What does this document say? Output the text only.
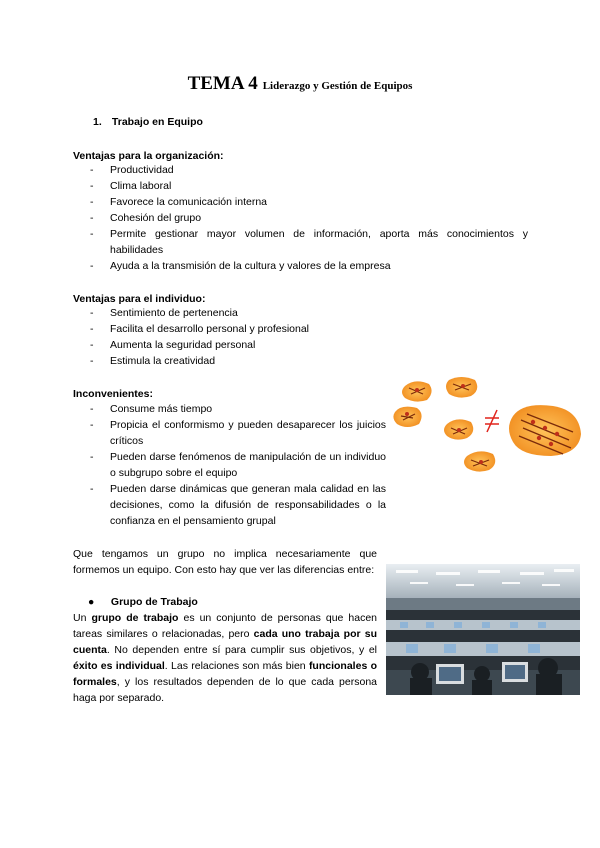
TEMA 4 Liderazgo y Gestión de Equipos
1. Trabajo en Equipo
Ventajas para la organización:
- Productividad
- Clima laboral
- Favorece la comunicación interna
- Cohesión del grupo
- Permite gestionar mayor volumen de información, aporta más conocimientos y habilidades
- Ayuda a la transmisión de la cultura y valores de la empresa
Ventajas para el individuo:
- Sentimiento de pertenencia
- Facilita el desarrollo personal y profesional
- Aumenta la seguridad personal
- Estimula la creatividad
Inconvenientes:
- Consume más tiempo
- Propicia el conformismo y pueden desaparecer los juicios críticos
- Pueden darse fenómenos de manipulación de un individuo o subgrupo sobre el equipo
- Pueden darse dinámicas que generan mala calidad en las decisiones, como la difusión de responsabilidades o la confianza en el pensamiento grupal
Que tengamos un grupo no implica necesariamente que formemos un equipo. Con esto hay que ver las diferencias entre:
● Grupo de Trabajo
Un grupo de trabajo es un conjunto de personas que hacen tareas similares o relacionadas, pero cada uno trabaja por su cuenta. No dependen entre sí para cumplir sus objetivos, y el éxito es individual. Las relaciones son más bien funcionales o formales, y los resultados dependen de lo que cada persona haga por separado.
